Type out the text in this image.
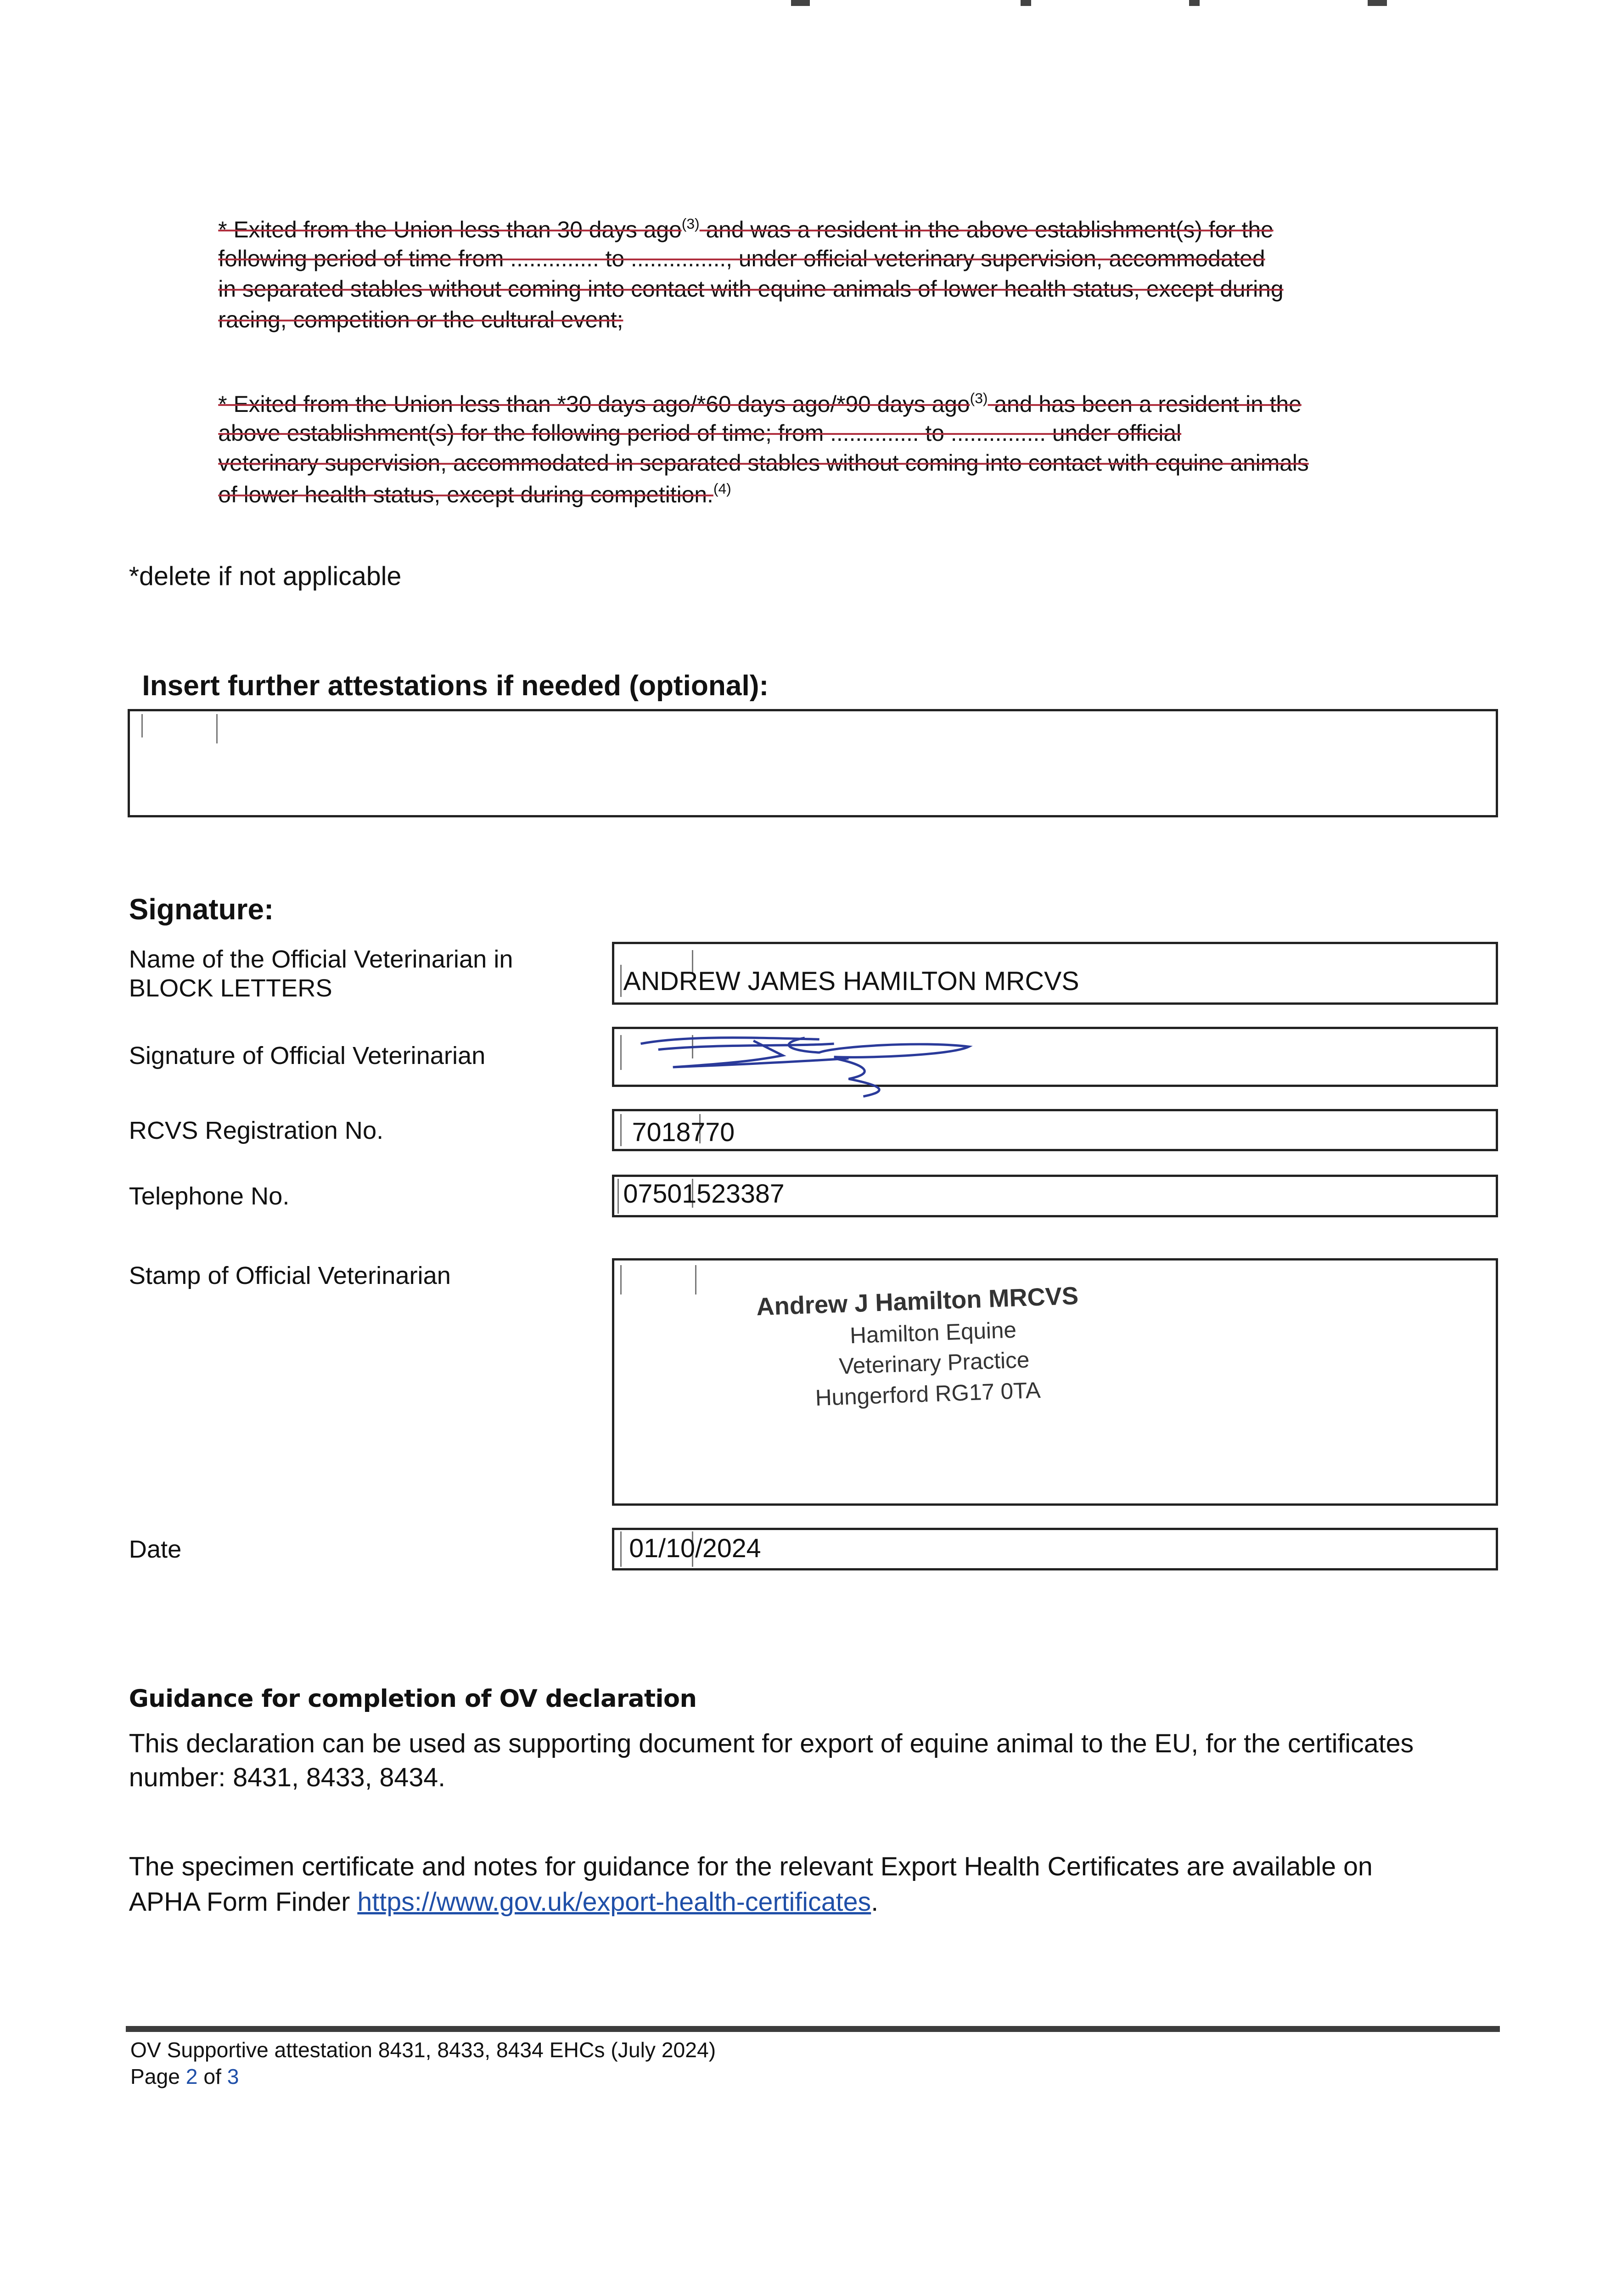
* Exited from the Union less than 30 days ago$^{(3)}$ and was a resident in the above establishment(s) for the
following period of time from .............. to ..............., under official veterinary supervision, accommodated
in separated stables without coming into contact with equine animals of lower health status, except during
racing, competition or the cultural event;
* Exited from the Union less than *30 days ago/*60 days ago/*90 days ago$^{(3)}$ and has been a resident in the
above establishment(s) for the following period of time; from .............. to ............... under official
veterinary supervision, accommodated in separated stables without coming into contact with equine animals
of lower health status, except during competition.$^{(4)}$
*delete if not applicable
Insert further attestations if needed (optional):
Signature:
Name of the Official Veterinarian in
BLOCK LETTERS	ANDREW JAMES HAMILTON MRCVS
Signature of Official Veterinarian
RCVS Registration No.	7018770
Telephone No.	07501523387
Stamp of Official Veterinarian
Andrew J Hamilton MRCVS
Hamilton Equine
Veterinary Practice
Hungerford RG17 0TA
Date	01/10/2024
Guidance for completion of OV declaration
This declaration can be used as supporting document for export of equine animal to the EU, for the certificates
number: 8431, 8433, 8434.
The specimen certificate and notes for guidance for the relevant Export Health Certificates are available on
APHA Form Finder https://www.gov.uk/export-health-certificates.
OV Supportive attestation 8431, 8433, 8434 EHCs (July 2024)
Page 2 of 3
